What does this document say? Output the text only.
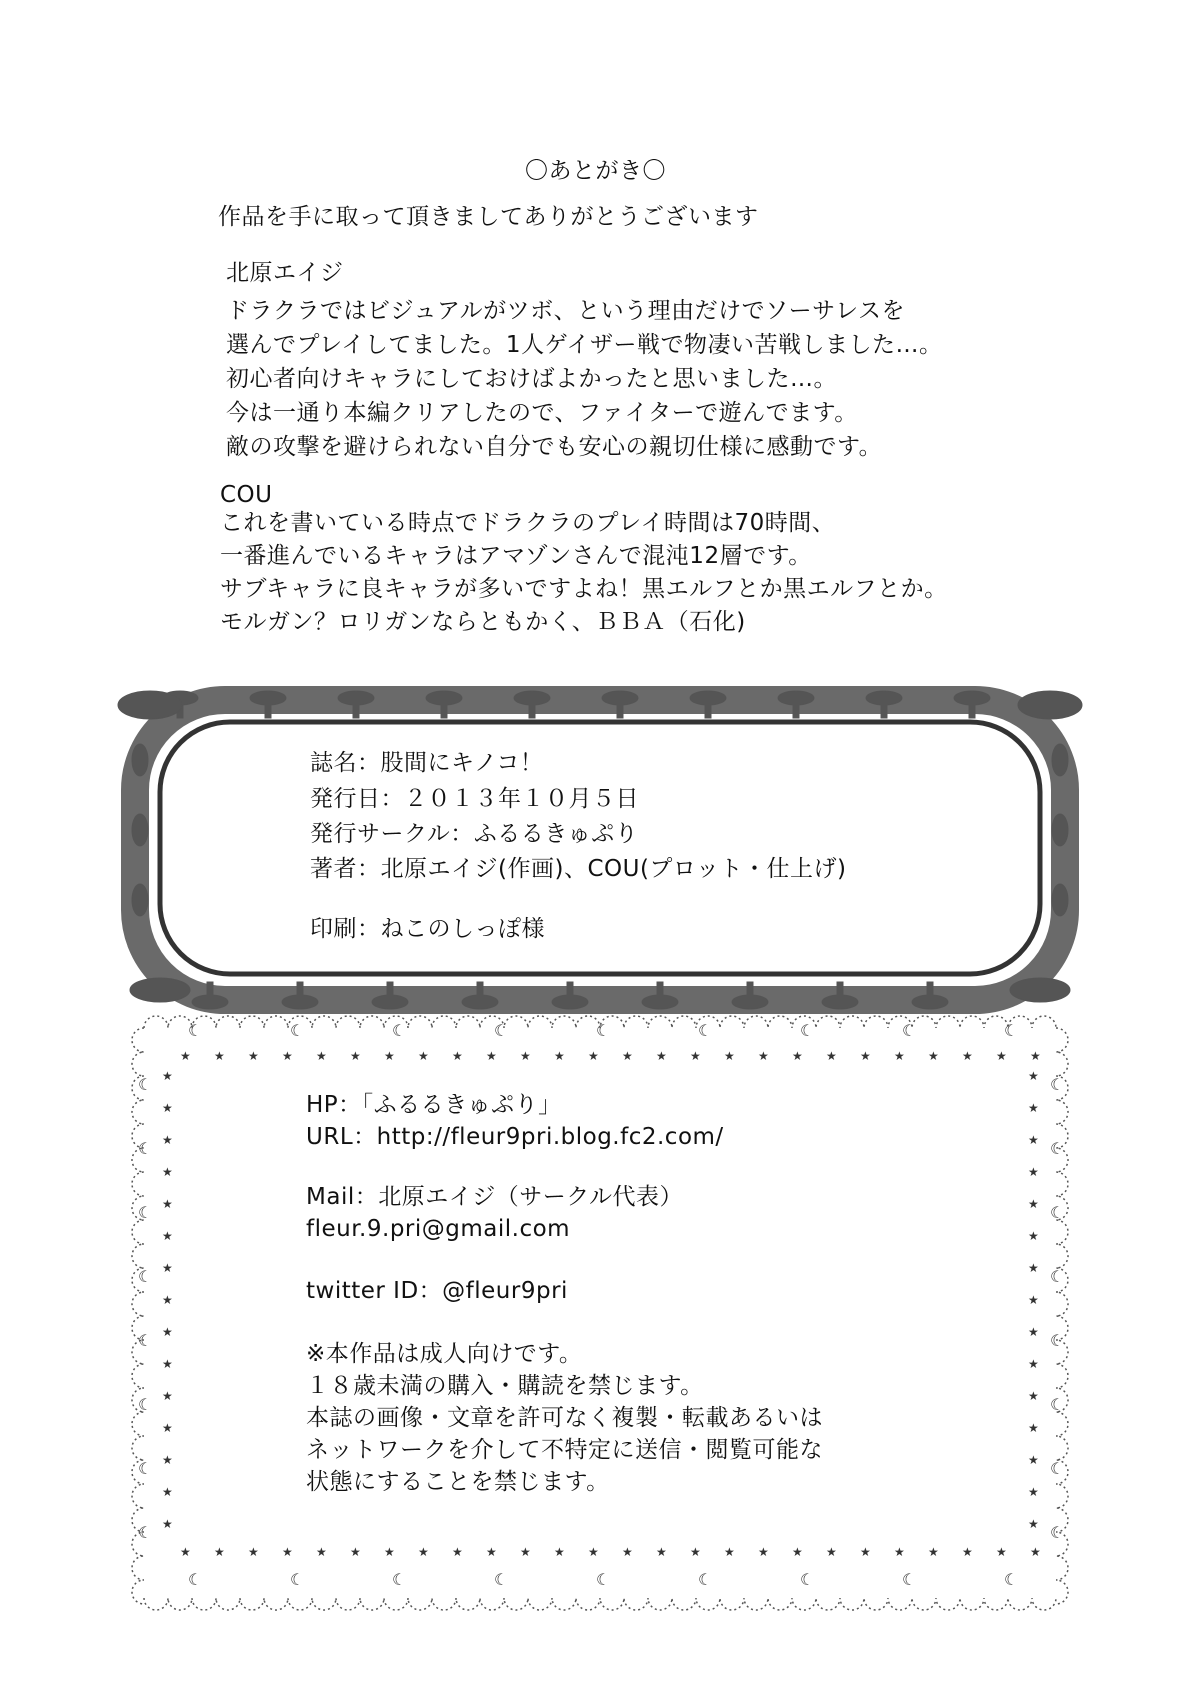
〇あとがき〇
作品を手に取って頂きましてありがとうございます
北原エイジ
ドラクラではビジュアルがツボ、という理由だけでソーサレスを
選んでプレイしてました。1人ゲイザー戦で物凄い苦戦しました…。
初心者向けキャラにしておけばよかったと思いました…。
今は一通り本編クリアしたので、ファイターで遊んでます。
敵の攻撃を避けられない自分でも安心の親切仕様に感動です。
COU
これを書いている時点でドラクラのプレイ時間は70時間、
一番進んでいるキャラはアマゾンさんで混沌12層です。
サブキャラに良キャラが多いですよね！黒エルフとか黒エルフとか。
モルガン？ロリガンならともかく、ＢＢＡ（石化)
誌名：股間にキノコ！
発行日：２０１３年１０月５日
発行サークル：ふるるきゅぷり
著者：北原エイジ(作画)、COU(プロット・仕上げ)
印刷：ねこのしっぽ様
★
☾
★ ★ ★
☾
★ ★ ★
☾
★ ★ ★
☾
★ ★ ★
☾
★ ★ ★
☾
★ ★ ★
☾
★ ★ ★
☾
★ ★ ★
☾
★
★
☾
★ ★ ★
☾
★ ★ ★
☾
★ ★ ★
☾
★ ★ ★
☾
★ ★ ★
☾
★ ★ ★
☾
★ ★ ★
☾
★ ★ ★
☾
★
★	★
★	★
★	★
★	★
★	★
★	★
★	★
★	★
★	★
★	★
★	★
★	★
★	★
★	★
★	★
☾	☾
☾	☾
☾	☾
☾	☾
☾	☾
☾	☾
☾	☾
☾	☾
HP：「ふるるきゅぷり」
URL：http://fleur9pri.blog.fc2.com/
Mail：北原エイジ（サークル代表）
fleur.9.pri@gmail.com
twitter ID：@fleur9pri
※本作品は成人向けです。
１８歳未満の購入・購読を禁じます。
本誌の画像・文章を許可なく複製・転載あるいは
ネットワークを介して不特定に送信・閲覧可能な
状態にすることを禁じます。
